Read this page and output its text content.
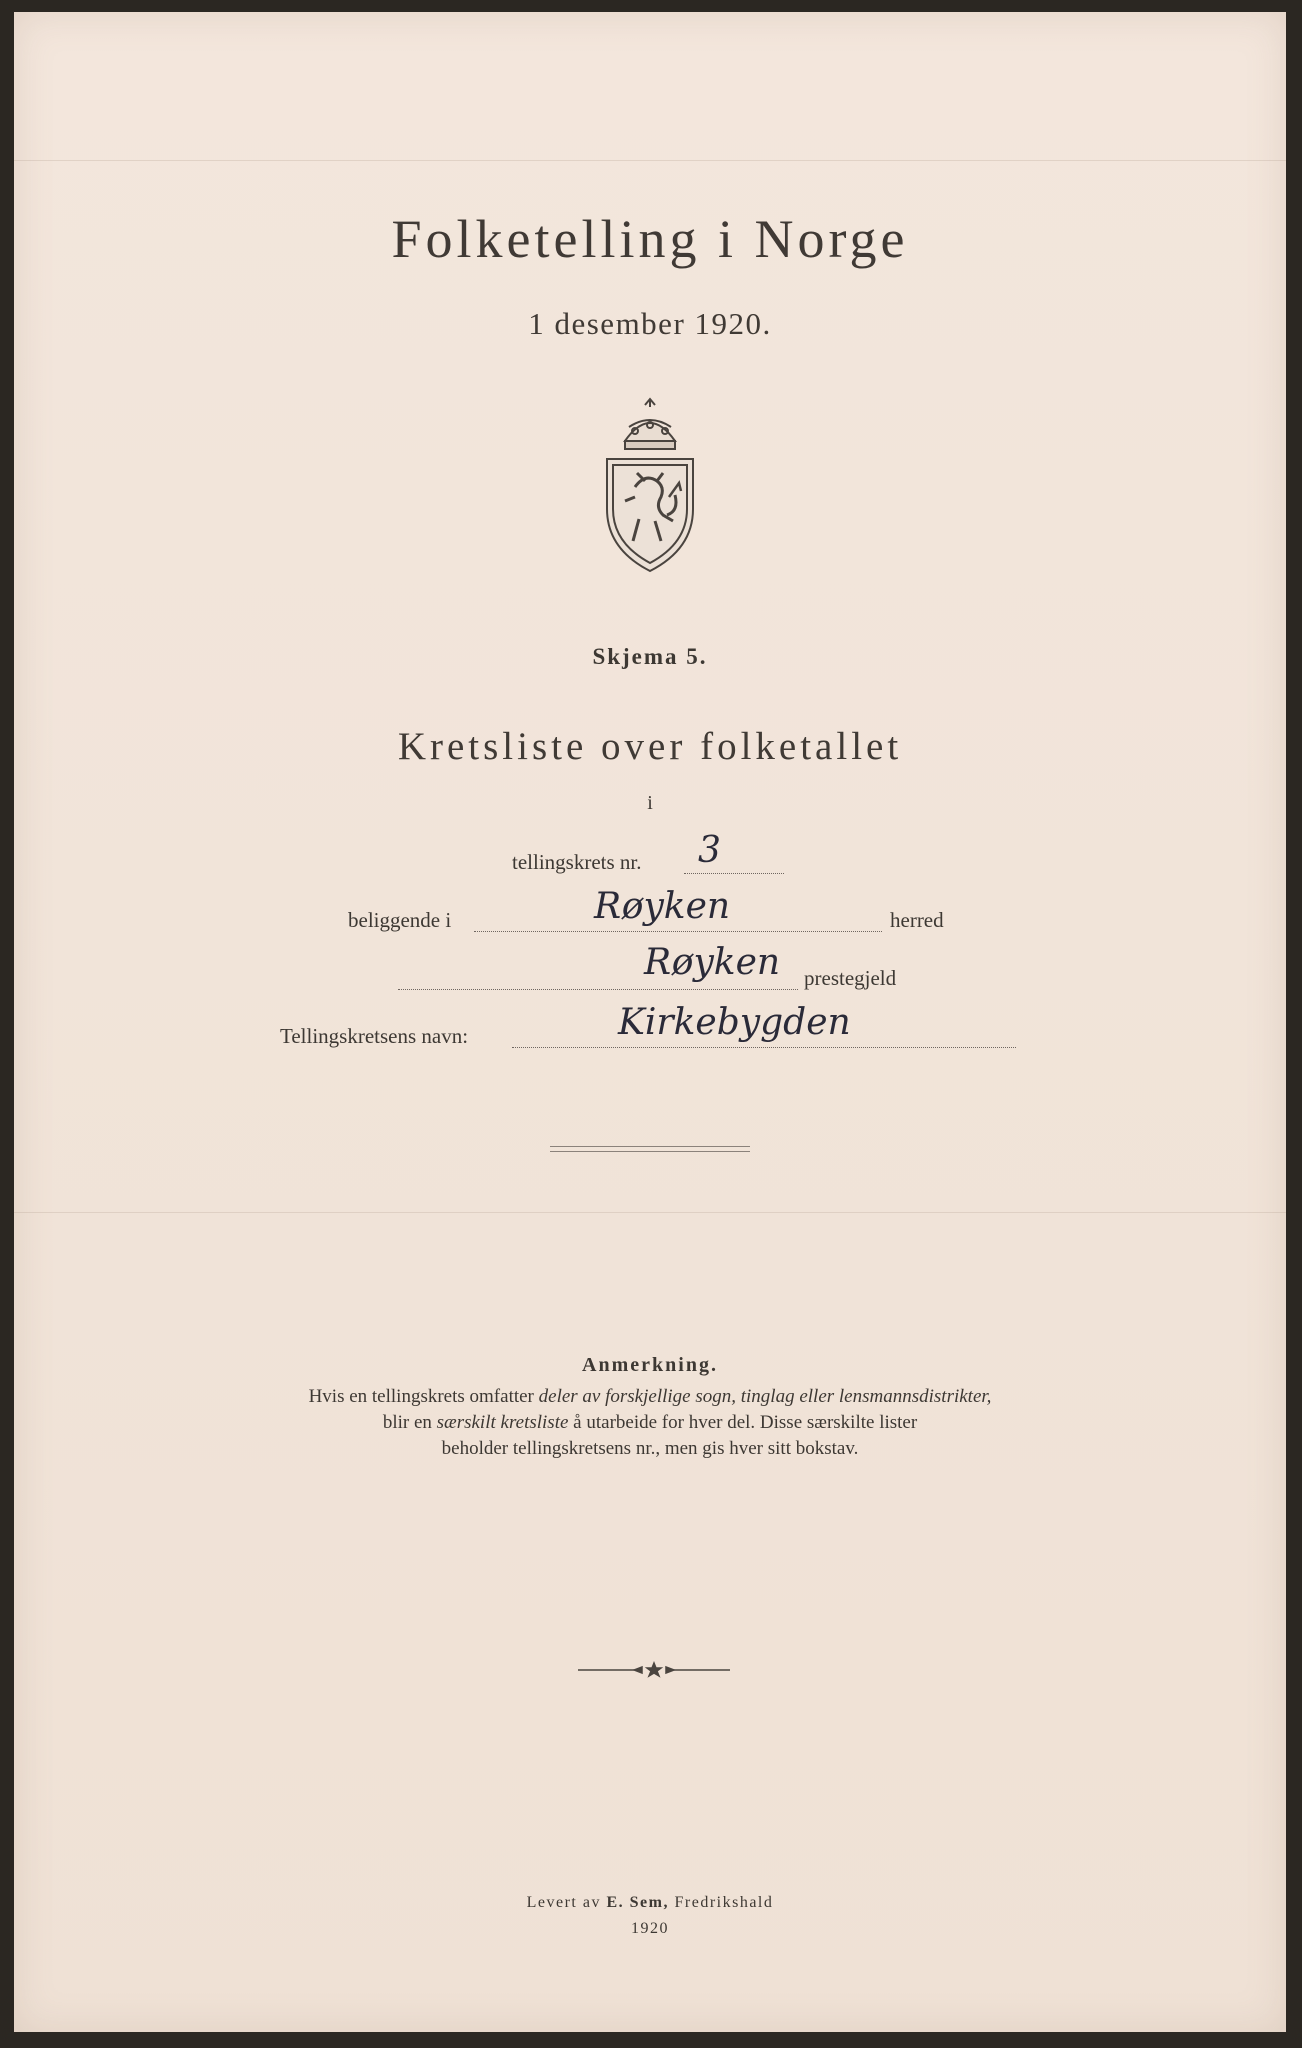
Folketelling i Norge
1 desember 1920.
Skjema 5.
Kretsliste over folketallet
i
tellingskrets nr. 3
beliggende i	Røyken	herred
Røyken prestegjeld
Tellingskretsens navn:	Kirkebygden
Anmerkning.
Hvis en tellingskrets omfatter deler av forskjellige sogn, tinglag eller lensmannsdistrikter,
blir en særskilt kretsliste å utarbeide for hver del. Disse særskilte lister
beholder tellingskretsens nr., men gis hver sitt bokstav.
Levert av E. Sem, Fredrikshald
1920
